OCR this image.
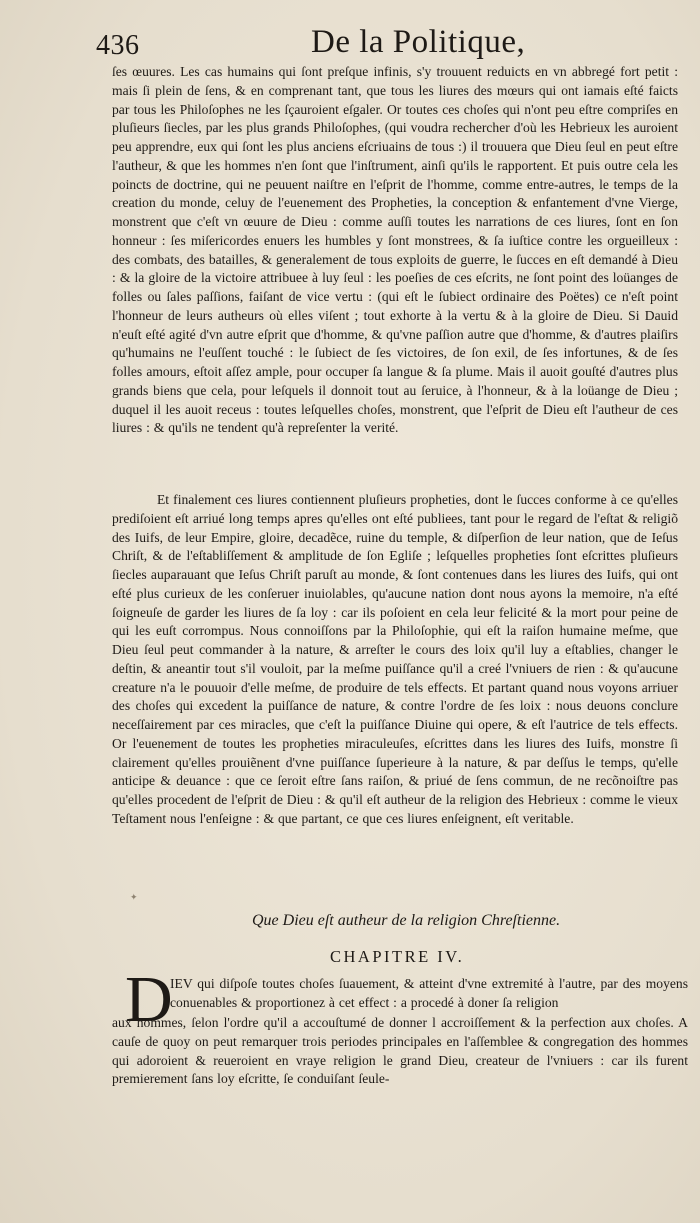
436	De la Politique,

ſes œuures. Les cas humains qui ſont preſque infinis, s'y trouuent reduicts en vn abbregé fort petit : mais ſi plein de ſens, & en comprenant tant, que tous les liures des mœurs qui ont iamais eſté faicts par tous les Philoſophes ne les ſçauroient eſgaler. Or toutes ces choſes qui n'ont peu eſtre compriſes en pluſieurs ſiecles, par les plus grands Philoſophes, (qui voudra rechercher d'où les Hebrieux les auroient peu apprendre, eux qui ſont les plus anciens eſcriuains de tous :) il trouuera que Dieu ſeul en peut eſtre l'autheur, & que les hommes n'en ſont que l'inſtrument, ainſi qu'ils le rapportent. Et puis outre cela les poincts de doctrine, qui ne peuuent naiſtre en l'eſprit de l'homme, comme entre-autres, le temps de la creation du monde, celuy de l'euenement des Propheties, la conception & enfantement d'vne Vierge, monstrent que c'eſt vn œuure de Dieu : comme auſſi toutes les narrations de ces liures, ſont en ſon honneur : ſes miſericordes enuers les humbles y ſont monstrees, & ſa iuſtice contre les orgueilleux : des combats, des batailles, & generalement de tous exploits de guerre, le ſucces en eſt demandé à Dieu : & la gloire de la victoire attribuee à luy ſeul : les poeſies de ces eſcrits, ne ſont point des loüanges de folles ou ſales paſſions, faiſant de vice vertu : (qui eſt le ſubiect ordinaire des Poëtes) ce n'eſt point l'honneur de leurs autheurs où elles viſent ; tout exhorte à la vertu & à la gloire de Dieu. Si Dauid n'euſt eſté agité d'vn autre eſprit que d'homme, & qu'vne paſſion autre que d'homme, & d'autres plaiſirs qu'humains ne l'euſſent touché : le ſubiect de ſes victoires, de ſon exil, de ſes infortunes, & de ſes folles amours, eſtoit aſſez ample, pour occuper ſa langue & ſa plume. Mais il auoit gouſté d'autres plus grands biens que cela, pour leſquels il donnoit tout au ſeruice, à l'honneur, & à la loüange de Dieu ; duquel il les auoit receus : toutes leſquelles choſes, monstrent, que l'eſprit de Dieu eſt l'autheur de ces liures : & qu'ils ne tendent qu'à repreſenter la verité.

Et finalement ces liures contiennent pluſieurs propheties, dont le ſucces conforme à ce qu'elles prediſoient eſt arriué long temps apres qu'elles ont eſté publiees, tant pour le regard de l'eſtat & religiõ des Iuifs, de leur Empire, gloire, decadẽce, ruine du temple, & diſperſion de leur nation, que de Ieſus Chriſt, & de l'eſtabliſſement & amplitude de ſon Egliſe ; leſquelles propheties ſont eſcrittes pluſieurs ſiecles auparauant que Ieſus Chriſt paruſt au monde, & ſont contenues dans les liures des Iuifs, qui ont eſté plus curieux de les conſeruer inuiolables, qu'aucune nation dont nous ayons la memoire, n'a eſté ſoigneuſe de garder les liures de ſa loy : car ils poſoient en cela leur felicité & la mort pour peine de qui les euſt corrompus. Nous connoiſſons par la Philoſophie, qui eſt la raiſon humaine meſme, que Dieu ſeul peut commander à la nature, & arreſter le cours des loix qu'il luy a eſtablies, changer le deſtin, & aneantir tout s'il vouloit, par la meſme puiſſance qu'il a creé l'vniuers de rien : & qu'aucune creature n'a le pouuoir d'elle meſme, de produire de tels effects. Et partant quand nous voyons arriuer des choſes qui excedent la puiſſance de nature, & contre l'ordre de ſes loix : nous deuons conclure neceſſairement par ces miracles, que c'eſt la puiſſance Diuine qui opere, & eſt l'autrice de tels effects. Or l'euenement de toutes les propheties miraculeuſes, eſcrittes dans les liures des Iuifs, monstre ſi clairement qu'elles prouiẽnent d'vne puiſſance ſuperieure à la nature, & par deſſus le temps, qu'elle anticipe & deuance : que ce ſeroit eſtre ſans raiſon, & priué de ſens commun, de ne recõnoiſtre pas qu'elles procedent de l'eſprit de Dieu : & qu'il eſt autheur de la religion des Hebrieux : comme le vieux Teſtament nous l'enſeigne : & que partant, ce que ces liures enſeignent, eſt veritable.

✦
Que Dieu eſt autheur de la religion Chreſtienne.
CHAPITRE IV.
D

IEV qui diſpoſe toutes choſes ſuauement, & atteint d'vne extremité à l'autre, par des moyens conuenables & proportionez à cet effect : a procedé à doner ſa religion

aux hommes, ſelon l'ordre qu'il a accouſtumé de donner l accroiſſement & la perfection aux choſes. A cauſe de quoy on peut remarquer trois periodes principales en l'aſſemblee & congregation des hommes qui adoroient & reueroient en vraye religion le grand Dieu, createur de l'vniuers : car ils furent premierement ſans loy eſcritte, ſe conduiſant ſeule-
